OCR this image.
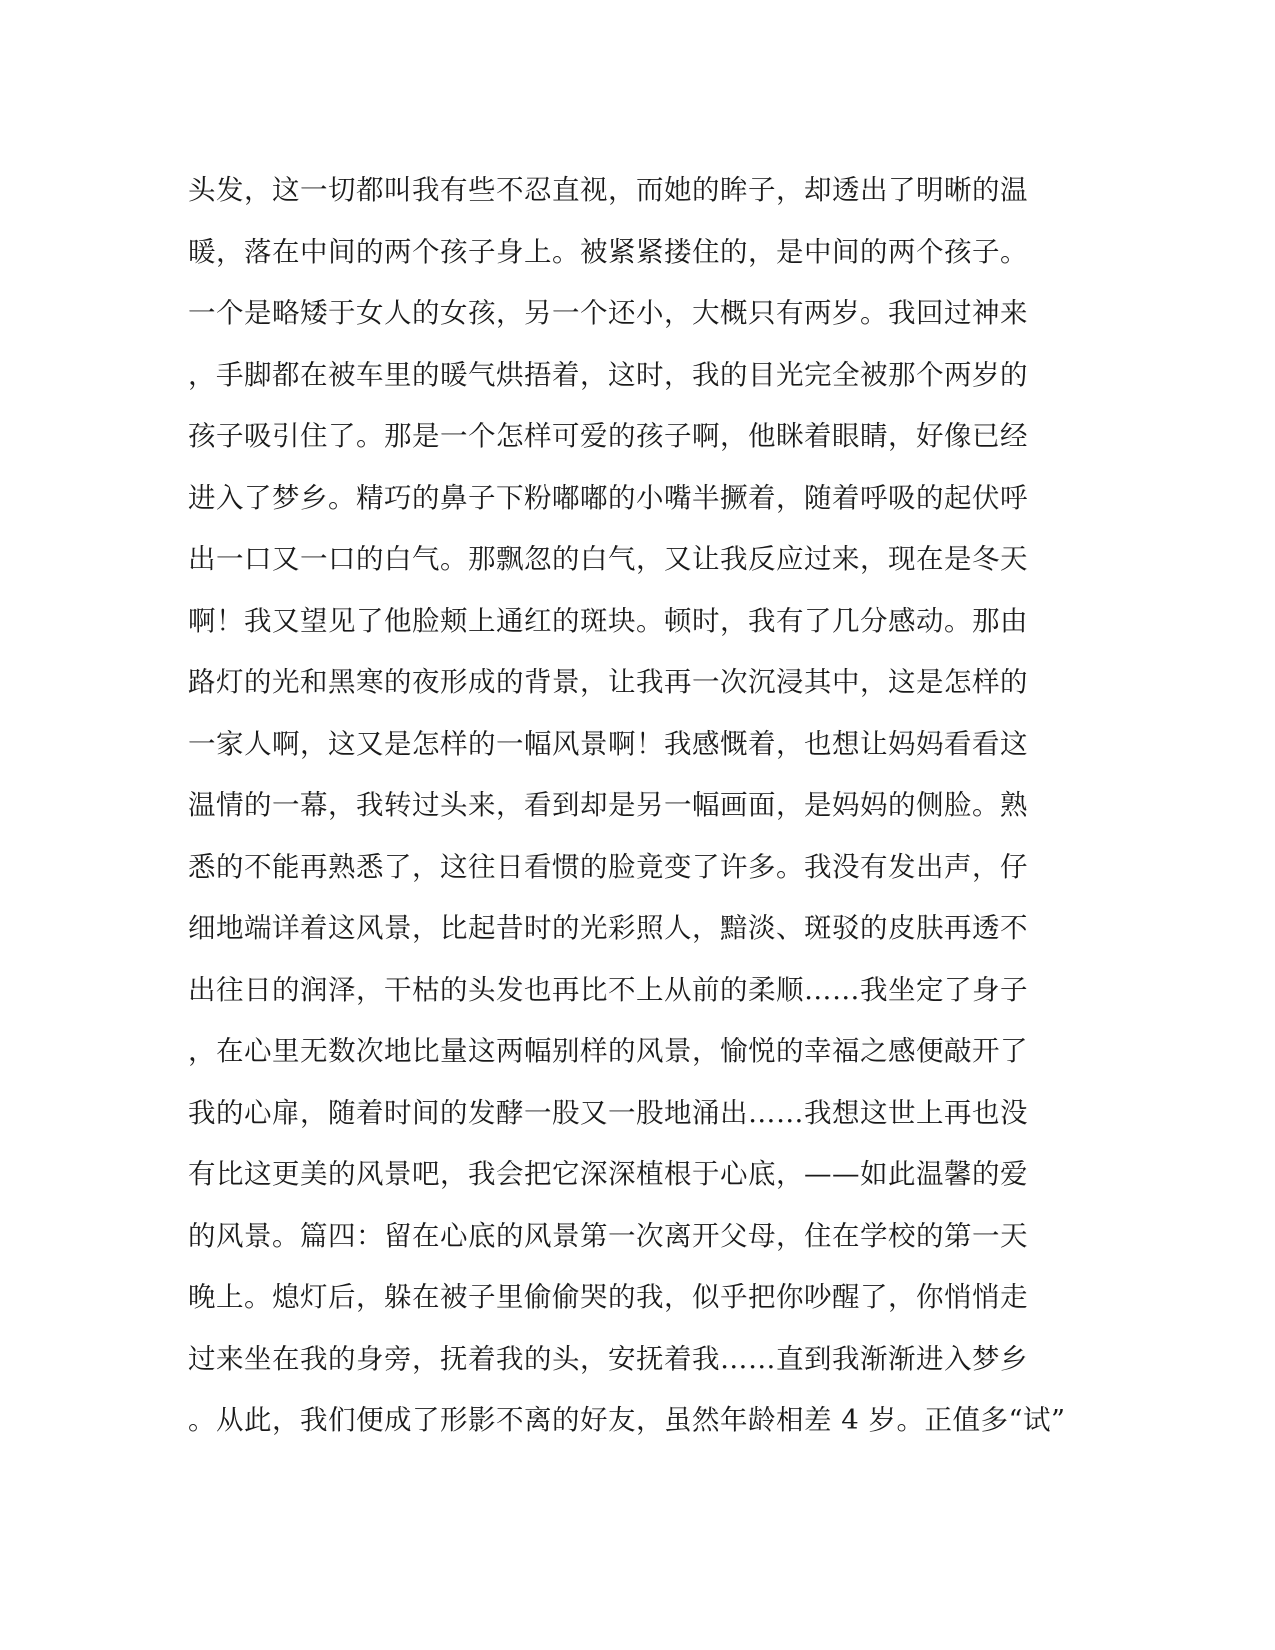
头发，这一切都叫我有些不忍直视，而她的眸子，却透出了明晰的温
暖，落在中间的两个孩子身上。被紧紧搂住的，是中间的两个孩子。
一个是略矮于女人的女孩，另一个还小，大概只有两岁。我回过神来
，手脚都在被车里的暖气烘捂着，这时，我的目光完全被那个两岁的
孩子吸引住了。那是一个怎样可爱的孩子啊，他眯着眼睛，好像已经
进入了梦乡。精巧的鼻子下粉嘟嘟的小嘴半撅着，随着呼吸的起伏呼
出一口又一口的白气。那飘忽的白气，又让我反应过来，现在是冬天
啊！我又望见了他脸颊上通红的斑块。顿时，我有了几分感动。那由
路灯的光和黑寒的夜形成的背景，让我再一次沉浸其中，这是怎样的
一家人啊，这又是怎样的一幅风景啊！我感慨着，也想让妈妈看看这
温情的一幕，我转过头来，看到却是另一幅画面，是妈妈的侧脸。熟
悉的不能再熟悉了，这往日看惯的脸竟变了许多。我没有发出声，仔
细地端详着这风景，比起昔时的光彩照人，黯淡、斑驳的皮肤再透不
出往日的润泽，干枯的头发也再比不上从前的柔顺……我坐定了身子
，在心里无数次地比量这两幅别样的风景，愉悦的幸福之感便敲开了
我的心扉，随着时间的发酵一股又一股地涌出……我想这世上再也没
有比这更美的风景吧，我会把它深深植根于心底，——如此温馨的爱
的风景。篇四：留在心底的风景第一次离开父母，住在学校的第一天
晚上。熄灯后，躲在被子里偷偷哭的我，似乎把你吵醒了，你悄悄走
过来坐在我的身旁，抚着我的头，安抚着我……直到我渐渐进入梦乡
。从此，我们便成了形影不离的好友，虽然年龄相差 4 岁。正值多“试”
